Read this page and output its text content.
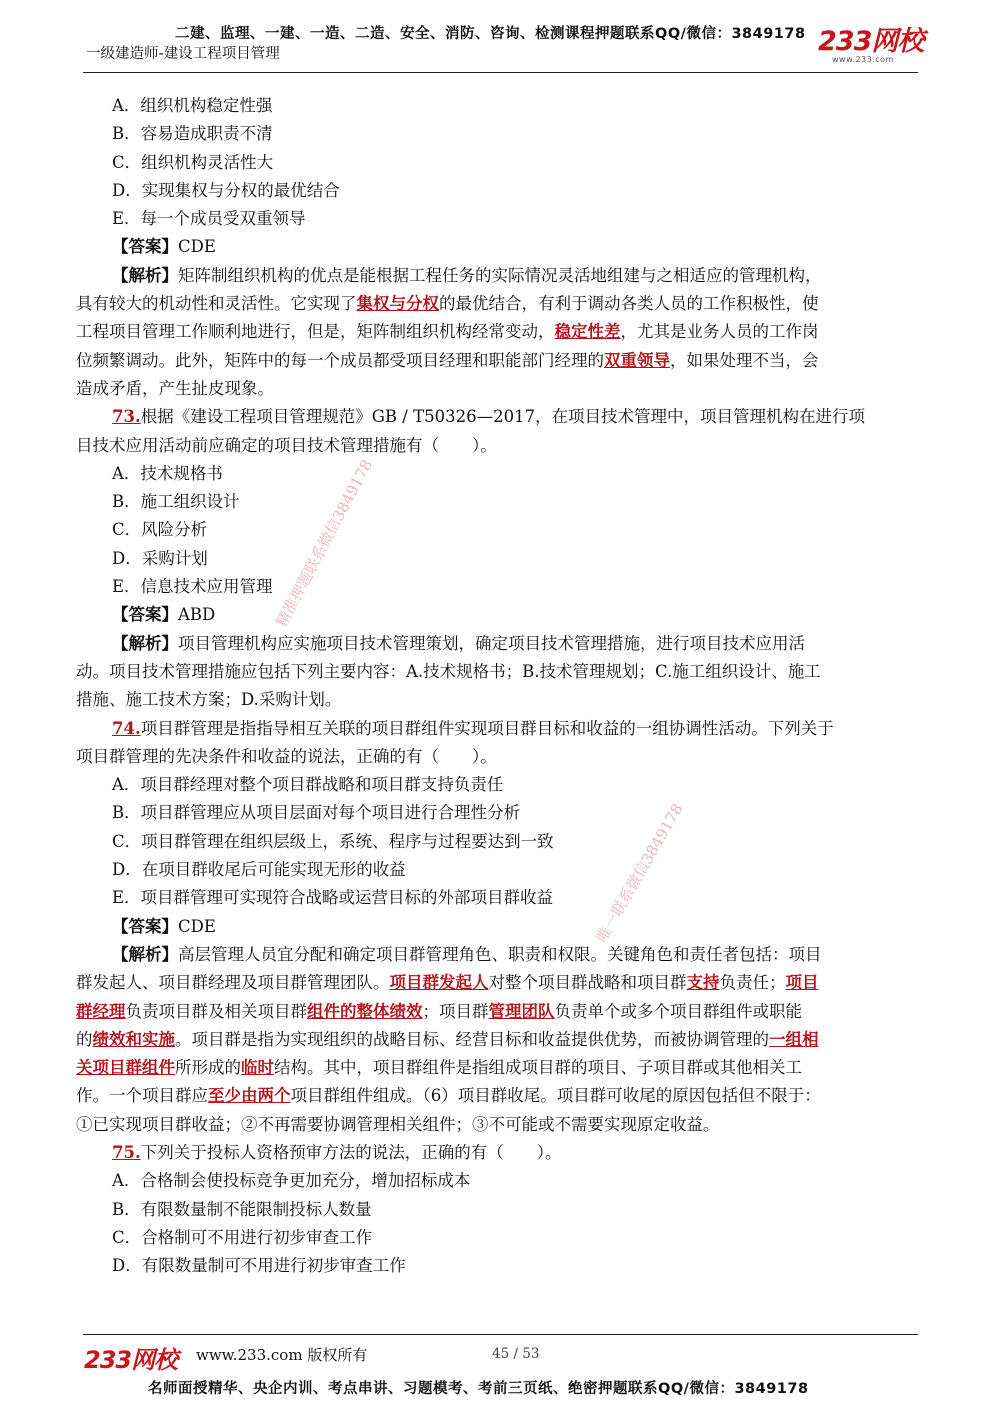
二建、监理、一建、一造、二造、安全、消防、咨询、检测课程押题联系QQ/微信：3849178
一级建造师-建设工程项目管理	233网校
www.233.com
精准押题联系微信3849178
唯一联系微信3849178
A．组织机构稳定性强
B．容易造成职责不清
C．组织机构灵活性大
D．实现集权与分权的最优结合
E．每一个成员受双重领导
【答案】CDE
【解析】矩阵制组织机构的优点是能根据工程任务的实际情况灵活地组建与之相适应的管理机构，
具有较大的机动性和灵活性。它实现了集权与分权的最优结合，有利于调动各类人员的工作积极性，使
工程项目管理工作顺利地进行，但是，矩阵制组织机构经常变动，稳定性差，尤其是业务人员的工作岗
位频繁调动。此外，矩阵中的每一个成员都受项目经理和职能部门经理的双重领导，如果处理不当，会
造成矛盾，产生扯皮现象。
73.根据《建设工程项目管理规范》GB / T50326—2017，在项目技术管理中，项目管理机构在进行项
目技术应用活动前应确定的项目技术管理措施有（　　）。
A．技术规格书
B．施工组织设计
C．风险分析
D．采购计划
E．信息技术应用管理
【答案】ABD
【解析】项目管理机构应实施项目技术管理策划，确定项目技术管理措施，进行项目技术应用活
动。项目技术管理措施应包括下列主要内容：A.技术规格书；B.技术管理规划；C.施工组织设计、施工
措施、施工技术方案；D.采购计划。
74.项目群管理是指指导相互关联的项目群组件实现项目群目标和收益的一组协调性活动。下列关于
项目群管理的先决条件和收益的说法，正确的有（　　）。
A．项目群经理对整个项目群战略和项目群支持负责任
B．项目群管理应从项目层面对每个项目进行合理性分析
C．项目群管理在组织层级上，系统、程序与过程要达到一致
D．在项目群收尾后可能实现无形的收益
E．项目群管理可实现符合战略或运营目标的外部项目群收益
【答案】CDE
【解析】高层管理人员宜分配和确定项目群管理角色、职责和权限。关键角色和责任者包括：项目
群发起人、项目群经理及项目群管理团队。项目群发起人对整个项目群战略和项目群支持负责任；项目
群经理负责项目群及相关项目群组件的整体绩效；项目群管理团队负责单个或多个项目群组件或职能
的绩效和实施。项目群是指为实现组织的战略目标、经营目标和收益提供优势，而被协调管理的一组相
关项目群组件所形成的临时结构。其中，项目群组件是指组成项目群的项目、子项目群或其他相关工
作。一个项目群应至少由两个项目群组件组成。（6）项目群收尾。项目群可收尾的原因包括但不限于：
①已实现项目群收益；②不再需要协调管理相关组件；③不可能或不需要实现原定收益。
75.下列关于投标人资格预审方法的说法，正确的有（　　）。
A．合格制会使投标竞争更加充分，增加招标成本
B．有限数量制不能限制投标人数量
C．合格制可不用进行初步审查工作
D．有限数量制可不用进行初步审查工作
233网校 www.233.com 版权所有	45 / 53
名师面授精华、央企内训、考点串讲、习题模考、考前三页纸、绝密押题联系QQ/微信：3849178
